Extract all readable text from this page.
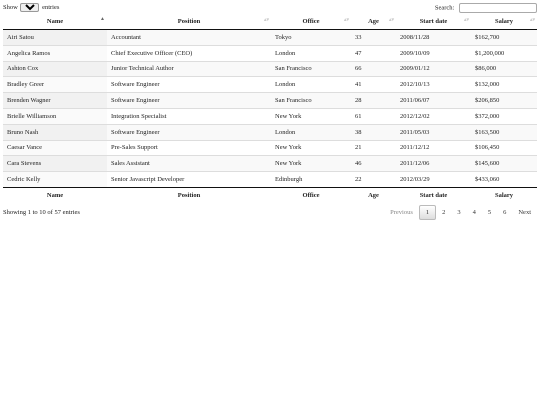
Show
10	entries	Search:
Name ▲	Position ▴▾	Office ▴▾	Age ▴▾	Start date ▴▾	Salary ▴▾

Airi Satou	Accountant	Tokyo	33	2008/11/28	$162,700
Angelica Ramos	Chief Executive Officer (CEO)	London	47	2009/10/09	$1,200,000
Ashton Cox	Junior Technical Author	San Francisco	66	2009/01/12	$86,000
Bradley Greer	Software Engineer	London	41	2012/10/13	$132,000
Brenden Wagner	Software Engineer	San Francisco	28	2011/06/07	$206,850
Brielle Williamson	Integration Specialist	New York	61	2012/12/02	$372,000
Bruno Nash	Software Engineer	London	38	2011/05/03	$163,500
Caesar Vance	Pre-Sales Support	New York	21	2011/12/12	$106,450
Cara Stevens	Sales Assistant	New York	46	2011/12/06	$145,600
Cedric Kelly	Senior Javascript Developer	Edinburgh	22	2012/03/29	$433,060
Name	Position	Office	Age	Start date	Salary
Showing 1 to 10 of 57 entries	Previous 1 2 3 4 5 6 Next
